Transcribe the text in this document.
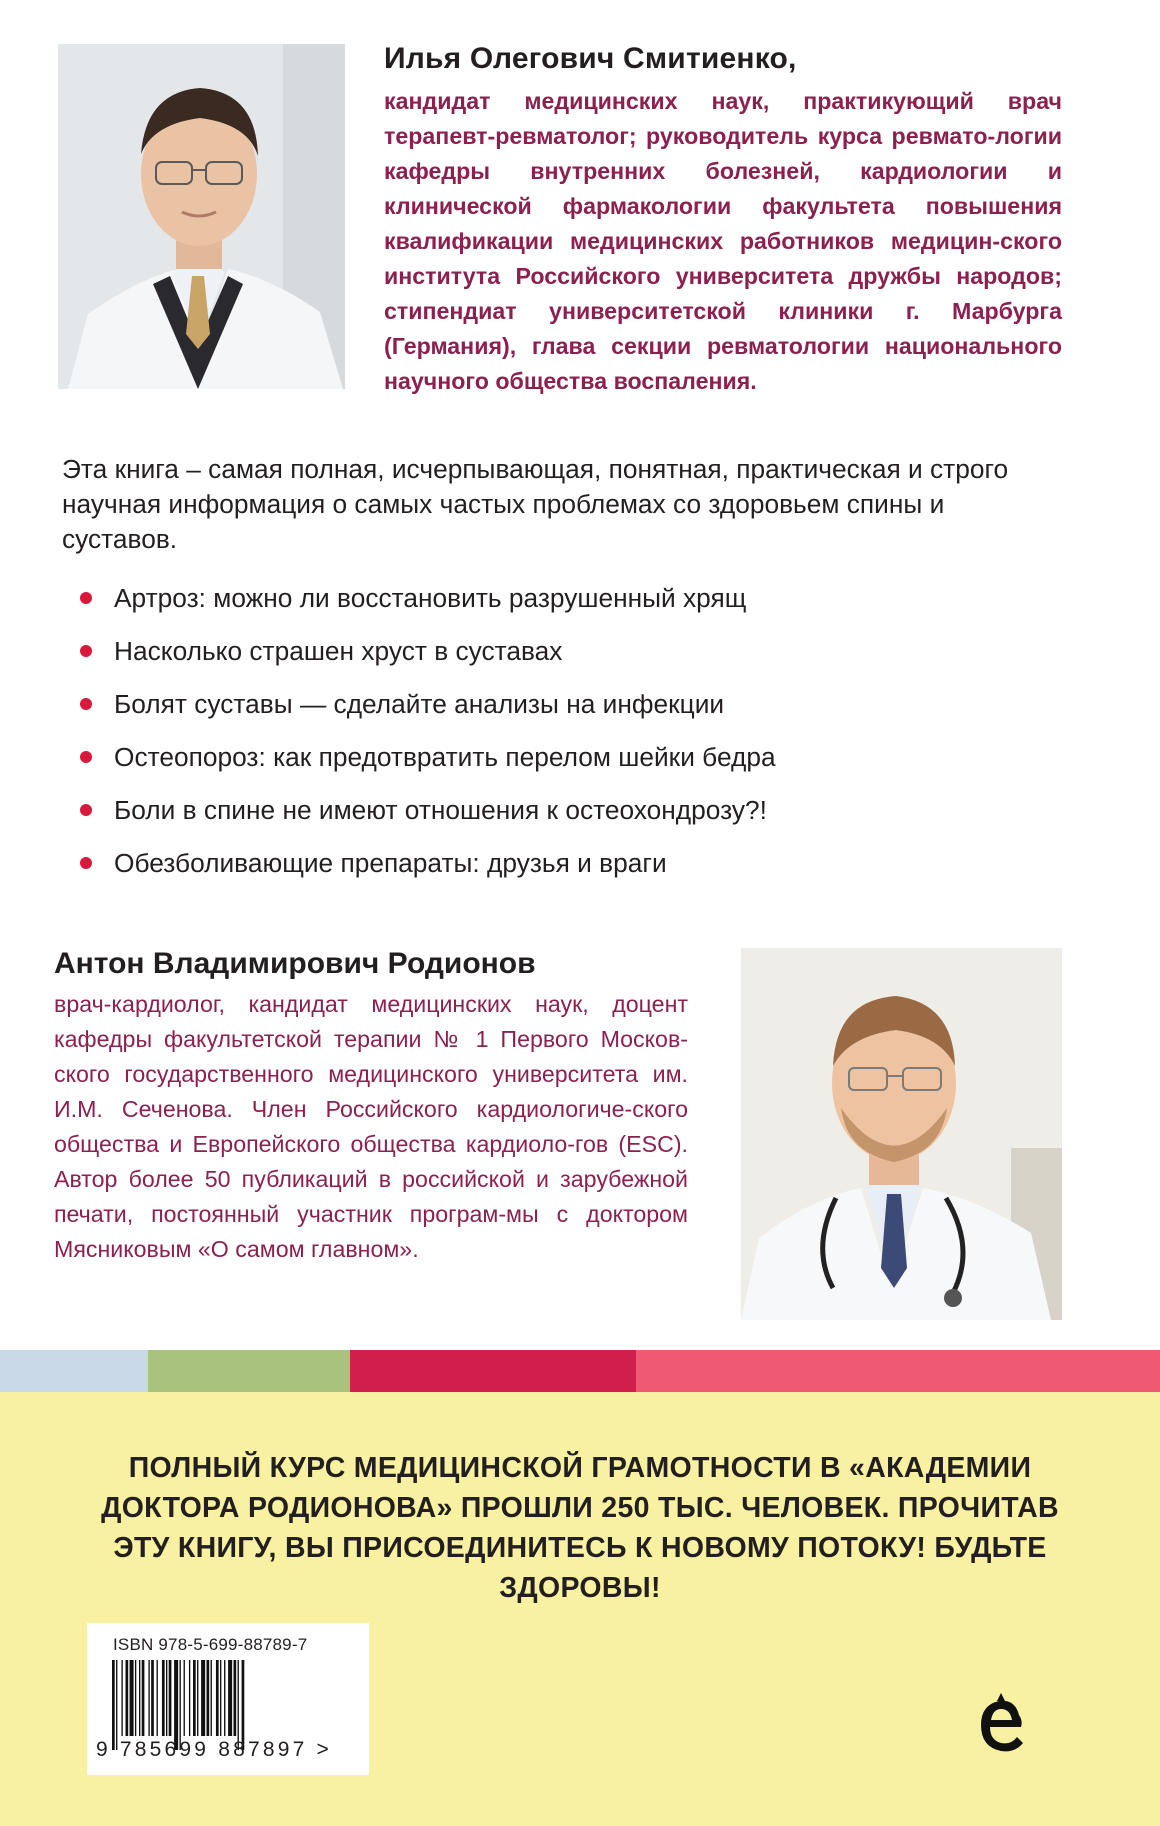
Илья Олегович Смитиенко,
кандидат медицинских наук, практикующий врач терапевт-ревматолог; руководитель курса ревмато-логии кафедры внутренних болезней, кардиологии и клинической фармакологии факультета повышения квалификации медицинских работников медицин-ского института Российского университета дружбы народов; стипендиат университетской клиники г. Марбурга (Германия), глава секции ревматологии национального научного общества воспаления.
Эта книга – самая полная, исчерпывающая, понятная, практическая и строго научная информация о самых частых проблемах со здоровьем спины и суставов.
Артроз: можно ли восстановить разрушенный хрящ
Насколько страшен хруст в суставах
Болят суставы — сделайте анализы на инфекции
Остеопороз: как предотвратить перелом шейки бедра
Боли в спине не имеют отношения к остеохондрозу?!
Обезболивающие препараты: друзья и враги
Антон Владимирович Родионов
врач-кардиолог, кандидат медицинских наук, доцент кафедры факультетской терапии № 1 Первого Москов-ского государственного медицинского университета им. И.М. Сеченова. Член Российского кардиологиче-ского общества и Европейского общества кардиоло-гов (ESC). Автор более 50 публикаций в российской и зарубежной печати, постоянный участник програм-мы с доктором Мясниковым «О самом главном».
ПОЛНЫЙ КУРС МЕДИЦИНСКОЙ ГРАМОТНОСТИ В «АКАДЕМИИ ДОКТОРА РОДИОНОВА» ПРОШЛИ 250 ТЫС. ЧЕЛОВЕК. ПРОЧИТАВ ЭТУ КНИГУ, ВЫ ПРИСОЕДИНИТЕСЬ К НОВОМУ ПОТОКУ! БУДЬТЕ ЗДОРОВЫ!
ISBN 978-5-699-88789-7
9 785699 887897 >
